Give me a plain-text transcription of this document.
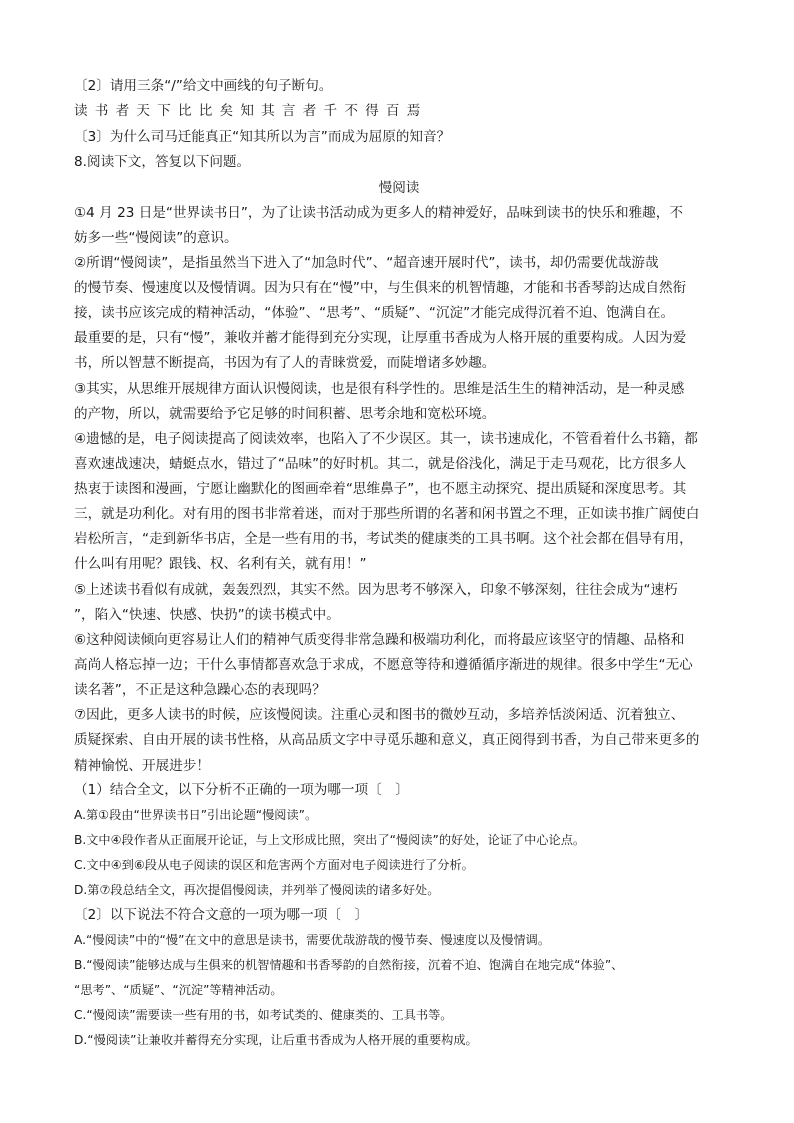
〔2〕请用三条“/”给文中画线的句子断句。
读书者天下比比矣知其言者千不得百焉
〔3〕为什么司马迁能真正“知其所以为言”而成为屈原的知音？
8.阅读下文，答复以下问题。
慢阅读
①4 月 23 日是“世界读书日”，为了让读书活动成为更多人的精神爱好，品味到读书的快乐和雅趣，不
妨多一些“慢阅读”的意识。
②所谓“慢阅读”，是指虽然当下进入了“加急时代”、“超音速开展时代”，读书，却仍需要优哉游哉
的慢节奏、慢速度以及慢情调。因为只有在“慢”中，与生俱来的机智情趣，才能和书香琴韵达成自然衔
接，读书应该完成的精神活动，“体验”、“思考”、“质疑”、“沉淀”才能完成得沉着不迫、饱满自在。
最重要的是，只有“慢”，兼收并蓄才能得到充分实现，让厚重书香成为人格开展的重要构成。人因为爱
书，所以智慧不断提高，书因为有了人的青睐赏爱，而陡增诸多妙趣。
③其实，从思维开展规律方面认识慢阅读，也是很有科学性的。思维是活生生的精神活动，是一种灵感
的产物，所以，就需要给予它足够的时间积蓄、思考余地和宽松环境。
④遗憾的是，电子阅读提高了阅读效率，也陷入了不少误区。其一，读书速成化，不管看着什么书籍，都
喜欢速战速决，蜻蜓点水，错过了“品味”的好时机。其二，就是俗浅化，满足于走马观花，比方很多人
热衷于读图和漫画，宁愿让幽默化的图画牵着“思维鼻子”，也不愿主动探究、提出质疑和深度思考。其
三，就是功利化。对有用的图书非常着迷，而对于那些所谓的名著和闲书置之不理，正如读书推广阔使白
岩松所言，“走到新华书店，全是一些有用的书，考试类的健康类的工具书啊。这个社会都在倡导有用，
什么叫有用呢？跟钱、权、名利有关，就有用！”
⑤上述读书看似有成就，轰轰烈烈，其实不然。因为思考不够深入，印象不够深刻，往往会成为“速朽
”，陷入“快速、快感、快扔”的读书模式中。
⑥这种阅读倾向更容易让人们的精神气质变得非常急躁和极端功利化，而将最应该坚守的情趣、品格和
高尚人格忘掉一边；干什么事情都喜欢急于求成，不愿意等待和遵循循序渐进的规律。很多中学生“无心
读名著”，不正是这种急躁心态的表现吗？
⑦因此，更多人读书的时候，应该慢阅读。注重心灵和图书的微妙互动，多培养恬淡闲适、沉着独立、
质疑探索、自由开展的读书性格，从高品质文字中寻觅乐趣和意义，真正阅得到书香，为自己带来更多的
精神愉悦、开展进步！
（1）结合全文，以下分析不正确的一项为哪一项〔　〕
A.第①段由“世界读书日”引出论题“慢阅读”。
B.文中④段作者从正面展开论证，与上文形成比照，突出了“慢阅读”的好处，论证了中心论点。
C.文中④到⑥段从电子阅读的误区和危害两个方面对电子阅读进行了分析。
D.第⑦段总结全文，再次提倡慢阅读，并列举了慢阅读的诸多好处。
〔2〕以下说法不符合文意的一项为哪一项〔　〕
A.“慢阅读”中的“慢”在文中的意思是读书，需要优哉游哉的慢节奏、慢速度以及慢情调。
B.“慢阅读”能够达成与生俱来的机智情趣和书香琴韵的自然衔接，沉着不迫、饱满自在地完成“体验”、
“思考”、“质疑”、“沉淀”等精神活动。
C.“慢阅读”需要读一些有用的书，如考试类的、健康类的、工具书等。
D.“慢阅读”让兼收并蓄得充分实现，让后重书香成为人格开展的重要构成。
